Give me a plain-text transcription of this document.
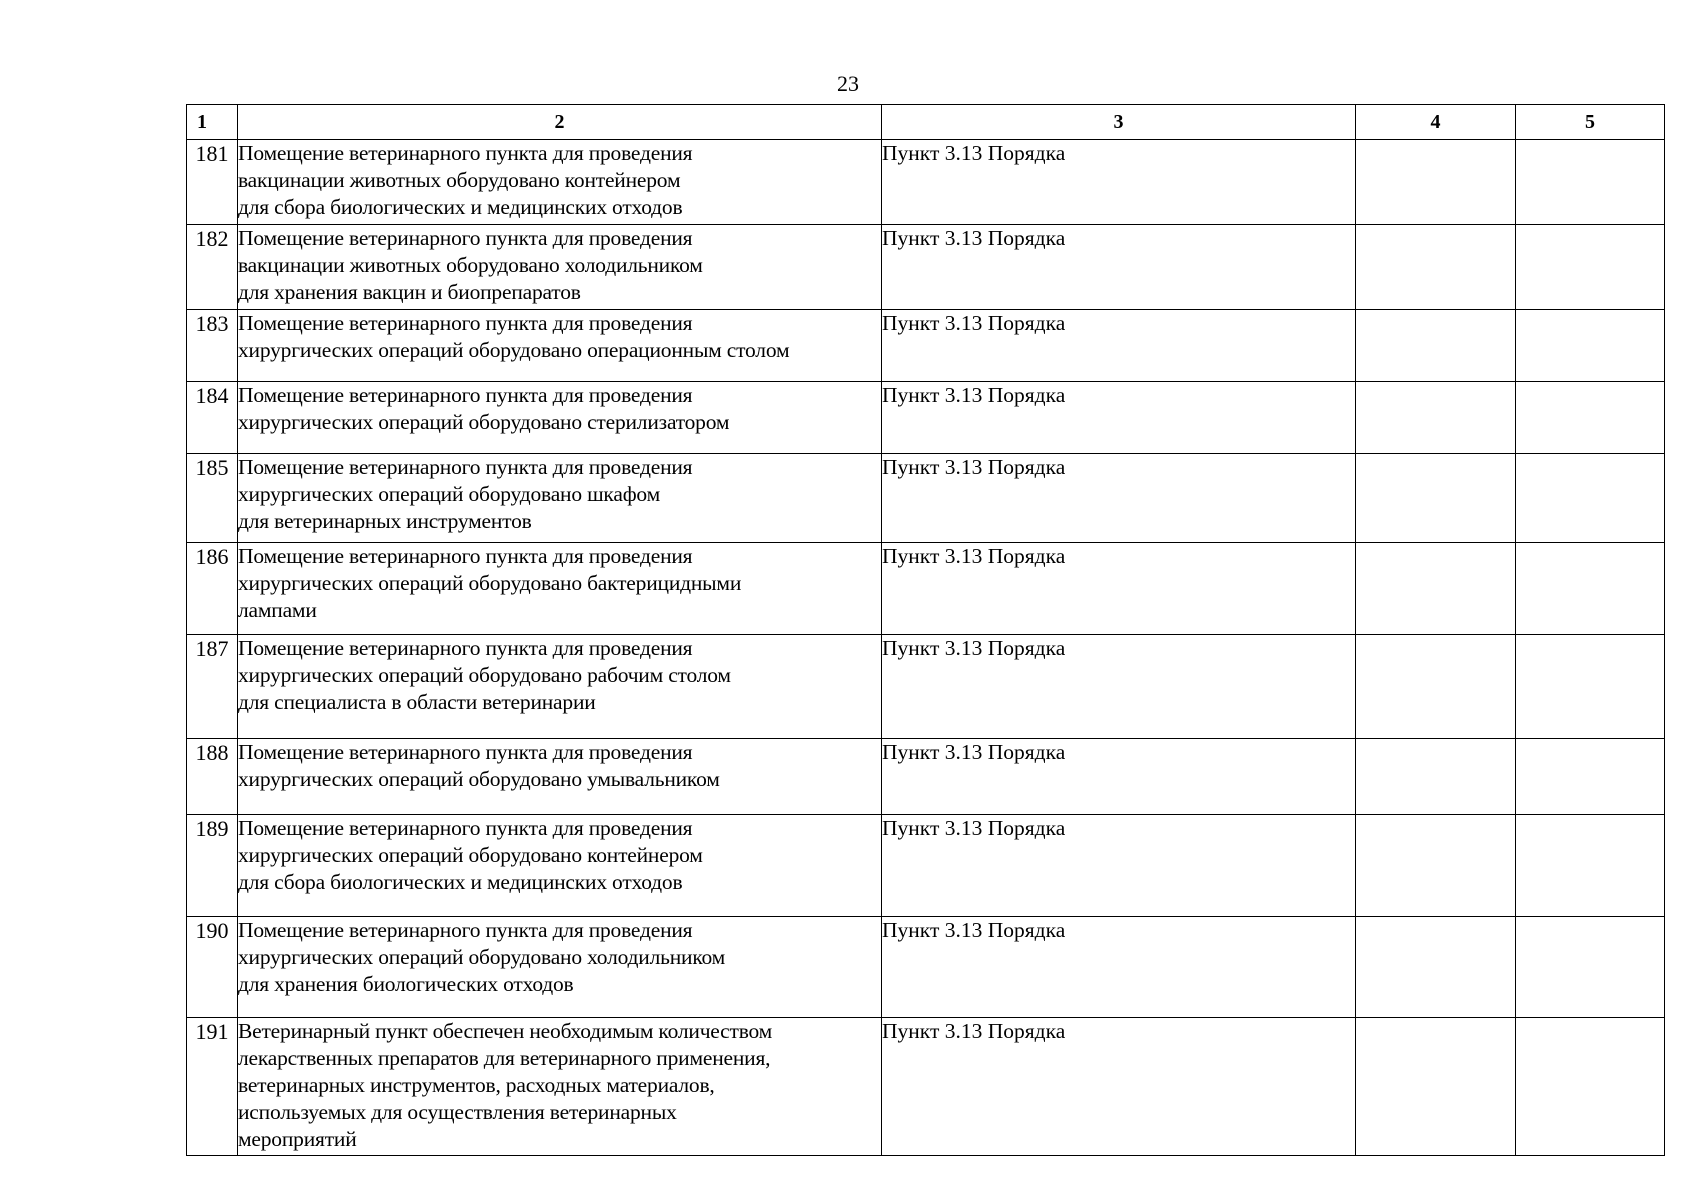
23
1	2	3	4	5
181	Помещение ветеринарного пункта для проведения
вакцинации животных оборудовано контейнером
для сбора биологических и медицинских отходов	Пункт 3.13 Порядка		
182	Помещение ветеринарного пункта для проведения
вакцинации животных оборудовано холодильником
для хранения вакцин и биопрепаратов	Пункт 3.13 Порядка		
183	Помещение ветеринарного пункта для проведения
хирургических операций оборудовано операционным столом	Пункт 3.13 Порядка		
184	Помещение ветеринарного пункта для проведения
хирургических операций оборудовано стерилизатором	Пункт 3.13 Порядка		
185	Помещение ветеринарного пункта для проведения
хирургических операций оборудовано шкафом
для ветеринарных инструментов	Пункт 3.13 Порядка		
186	Помещение ветеринарного пункта для проведения
хирургических операций оборудовано бактерицидными
лампами	Пункт 3.13 Порядка		
187	Помещение ветеринарного пункта для проведения
хирургических операций оборудовано рабочим столом
для специалиста в области ветеринарии	Пункт 3.13 Порядка		
188	Помещение ветеринарного пункта для проведения
хирургических операций оборудовано умывальником	Пункт 3.13 Порядка		
189	Помещение ветеринарного пункта для проведения
хирургических операций оборудовано контейнером
для сбора биологических и медицинских отходов	Пункт 3.13 Порядка		
190	Помещение ветеринарного пункта для проведения
хирургических операций оборудовано холодильником
для хранения биологических отходов	Пункт 3.13 Порядка		
191	Ветеринарный пункт обеспечен необходимым количеством
лекарственных препаратов для ветеринарного применения,
ветеринарных инструментов, расходных материалов,
используемых для осуществления ветеринарных
мероприятий	Пункт 3.13 Порядка		
